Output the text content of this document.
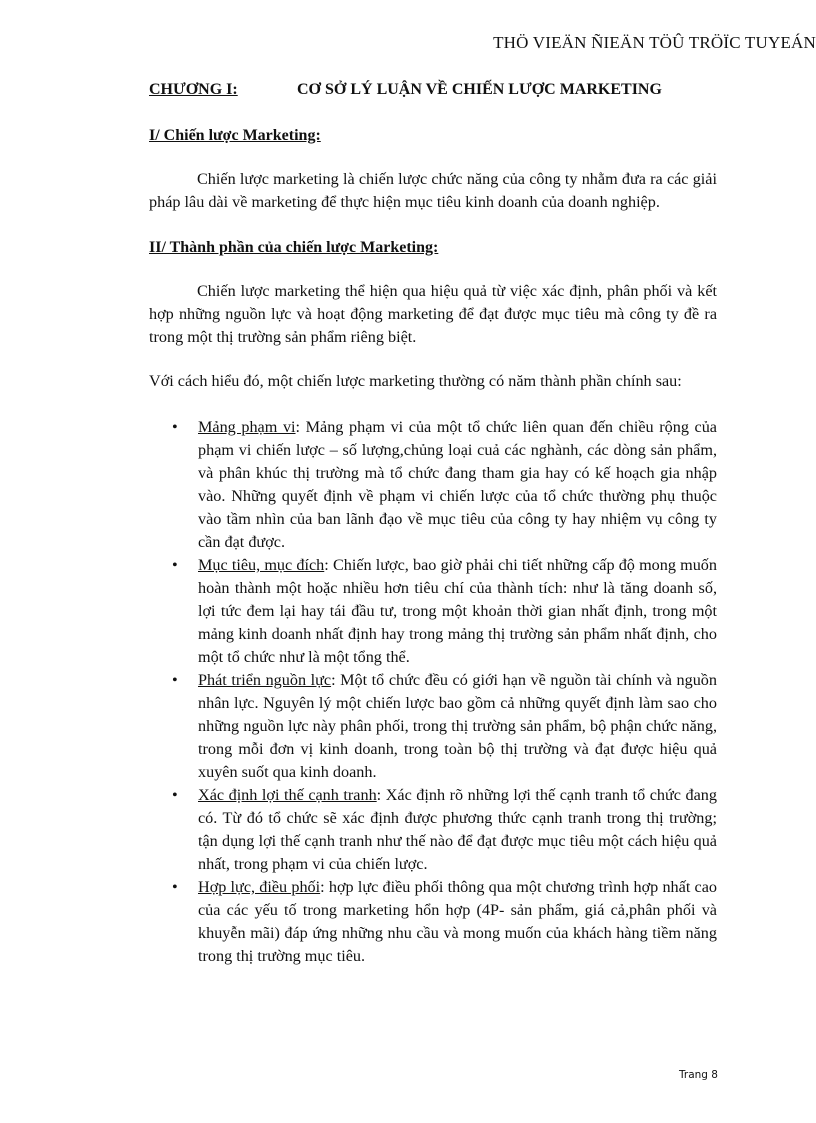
THÖ VIEÄN ÑIEÄN TÖÛ TRÖÏC TUYEÁN
CHƯƠNG I:	CƠ SỞ LÝ LUẬN VỀ CHIẾN LƯỢC MARKETING
I/ Chiến lược Marketing:

Chiến lược marketing là chiến lược chức năng của công ty nhằm đưa ra các giải pháp lâu dài về marketing để thực hiện mục tiêu kinh doanh của doanh nghiệp.

II/ Thành phần của chiến lược Marketing:

Chiến lược marketing thể hiện qua hiệu quả từ việc xác định, phân phối và kết hợp những nguồn lực và hoạt động marketing để đạt được mục tiêu mà công ty đề ra trong một thị trường sản phẩm riêng biệt.

Với cách hiểu đó, một chiến lược marketing thường có năm thành phần chính sau:

• Mảng phạm vi: Mảng phạm vi của một tổ chức liên quan đến chiều rộng của phạm vi chiến lược – số lượng,chủng loại cuả các nghành, các dòng sản phẩm, và phân khúc thị trường mà tổ chức đang tham gia hay có kế hoạch gia nhập vào. Những quyết định về phạm vi chiến lược của tổ chức thường phụ thuộc vào tầm nhìn của ban lãnh đạo về mục tiêu của công ty hay nhiệm vụ công ty cần đạt được.
• Mục tiêu, mục đích: Chiến lược, bao giờ phải chi tiết những cấp độ mong muốn hoàn thành một hoặc nhiều hơn tiêu chí của thành tích: như là tăng doanh số, lợi tức đem lại hay tái đầu tư, trong một khoản thời gian nhất định, trong một mảng kinh doanh nhất định hay trong mảng thị trường sản phẩm nhất định, cho một tổ chức như là một tổng thể.
• Phát triển nguồn lực: Một tổ chức đều có giới hạn về nguồn tài chính và nguồn nhân lực. Nguyên lý một chiến lược bao gồm cả những quyết định làm sao cho những nguồn lực này phân phối, trong thị trường sản phẩm, bộ phận chức năng, trong mỗi đơn vị kinh doanh, trong toàn bộ thị trường và đạt được hiệu quả xuyên suốt qua kinh doanh.
• Xác định lợi thế cạnh tranh: Xác định rõ những lợi thế cạnh tranh tổ chức đang có. Từ đó tổ chức sẽ xác định được phương thức cạnh tranh trong thị trường; tận dụng lợi thế cạnh tranh như thế nào để đạt được mục tiêu một cách hiệu quả nhất, trong phạm vi của chiến lược.
• Hợp lực, điều phối: hợp lực điều phối thông qua một chương trình hợp nhất cao của các yếu tố trong marketing hổn hợp (4P- sản phẩm, giá cả,phân phối và khuyễn mãi) đáp ứng những nhu cầu và mong muốn của khách hàng tiềm năng trong thị trường mục tiêu.
Trang 8
